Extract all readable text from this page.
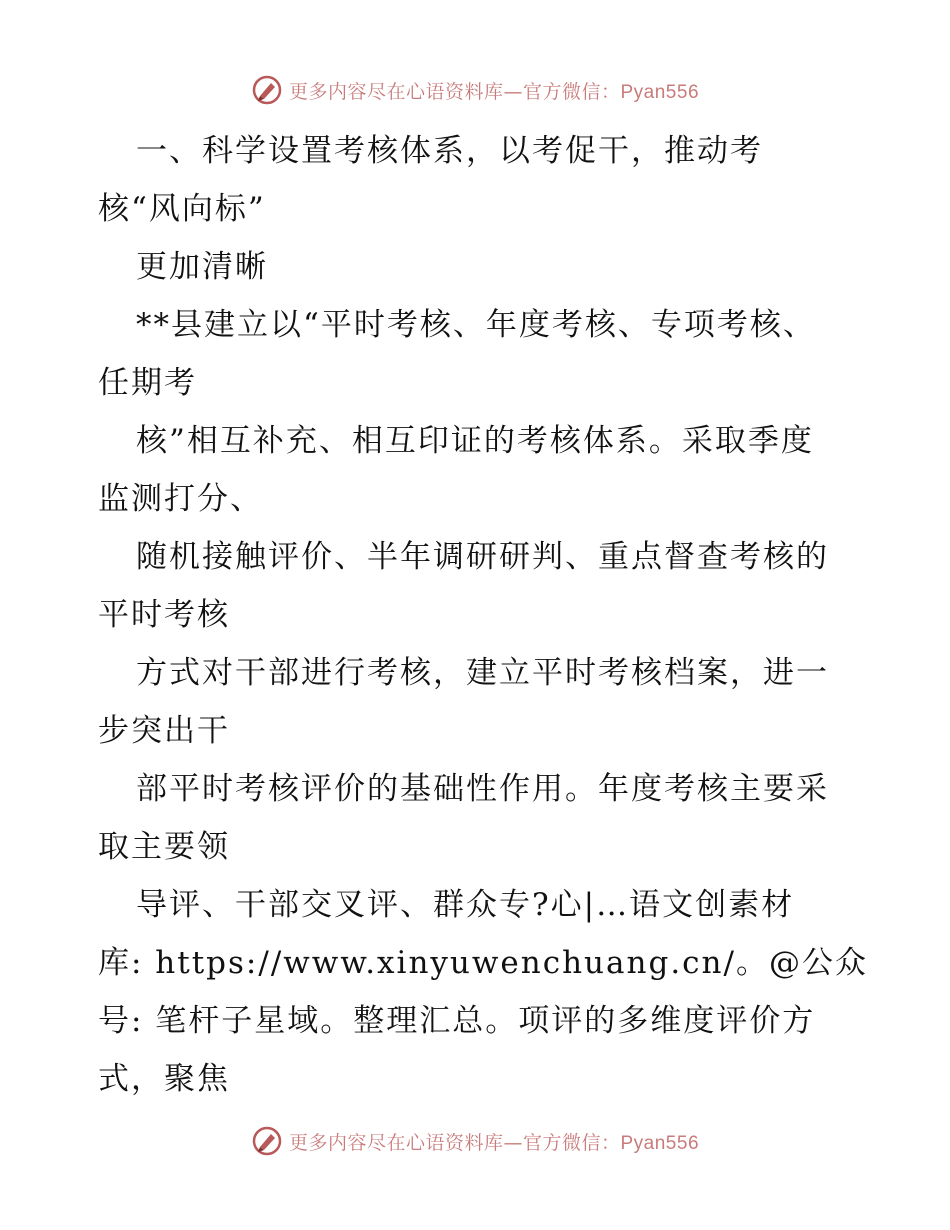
更多内容尽在心语资料库—官方微信：Pyan556
一、科学设置考核体系，以考促干，推动考
核“风向标”
更加清晰
**县建立以“平时考核、年度考核、专项考核、
任期考
核”相互补充、相互印证的考核体系。采取季度
监测打分、
随机接触评价、半年调研研判、重点督查考核的
平时考核
方式对干部进行考核，建立平时考核档案，进一
步突出干
部平时考核评价的基础性作用。年度考核主要采
取主要领
导评、干部交叉评、群众专?心|…语文创素材
库: https://www.xinyuwenchuang.cn/。@公众
号: 笔杆子星域。整理汇总。项评的多维度评价方
式，聚焦
更多内容尽在心语资料库—官方微信：Pyan556
